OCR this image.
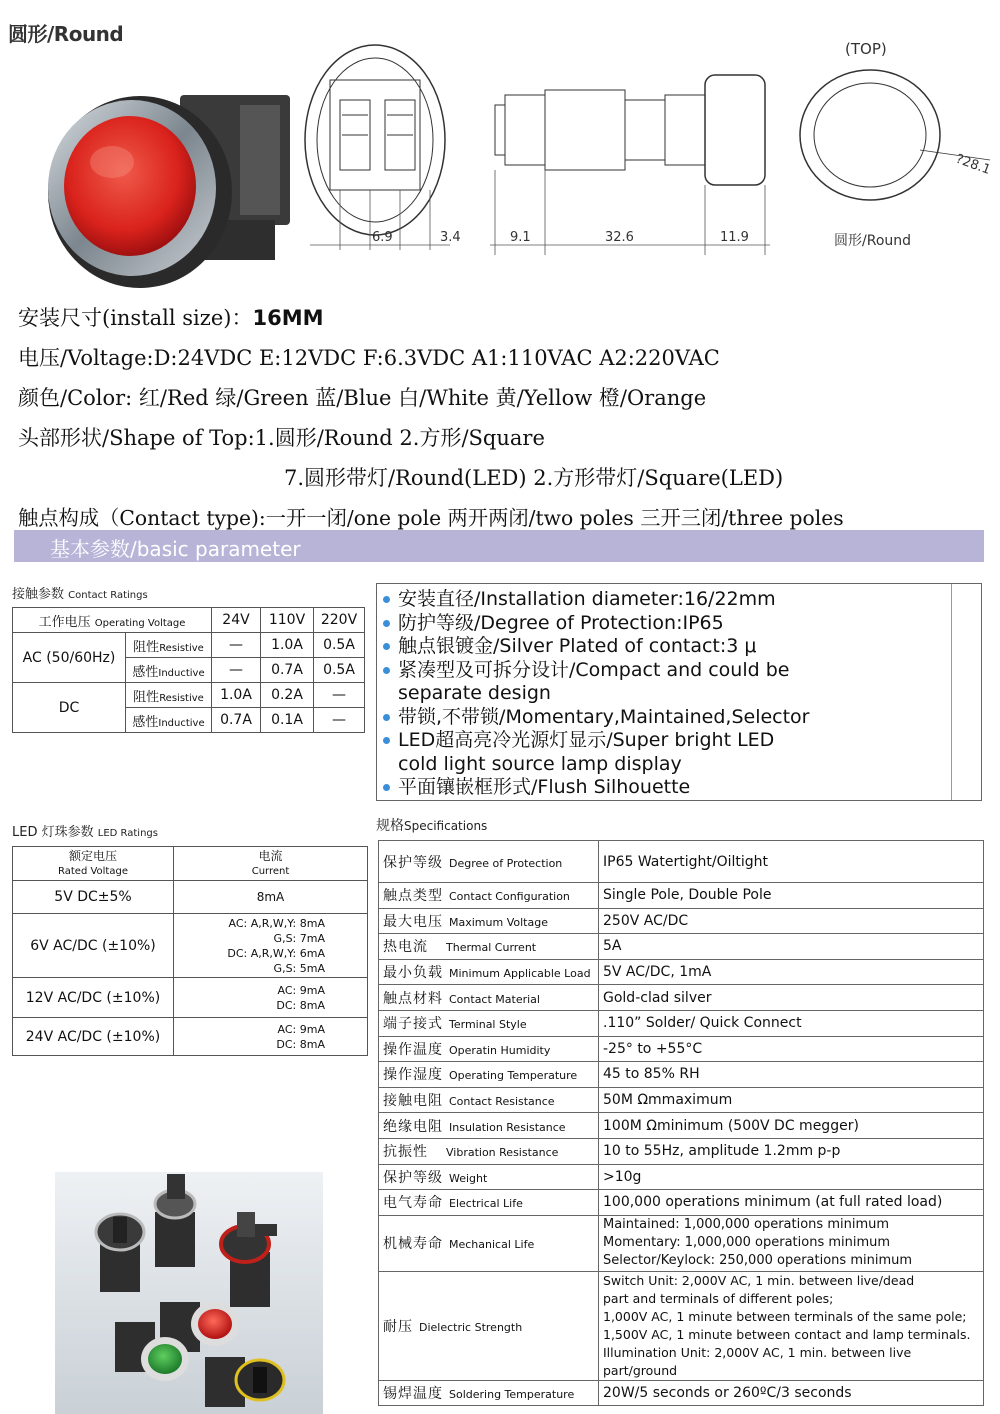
圆形/Round
6.9	3.4	9.1	32.6	11.9
(TOP)
?28.1
圆形/Round
安装尺寸(install size)：16MM
电压/Voltage:D:24VDC E:12VDC F:6.3VDC A1:110VAC A2:220VAC
颜色/Color: 红/Red 绿/Green 蓝/Blue 白/White 黄/Yellow 橙/Orange
头部形状/Shape of Top:1.圆形/Round 2.方形/Square
7.圆形带灯/Round(LED) 2.方形带灯/Square(LED)
触点构成（Contact type):一开一闭/one pole 两开两闭/two poles 三开三闭/three poles
基本参数/basic parameter
接触参数 Contact Ratings
工作电压 Operating Voltage		24V	110V	220V
AC (50/60Hz)	阻性Resistive	—	1.0A	0.5A
	感性Inductive	—	0.7A	0.5A
DC	阻性Resistive	1.0A	0.2A	—
	感性Inductive	0.7A	0.1A	—
LED 灯珠参数 LED Ratings
额定电压
Rated Voltage	电流
Current
5V DC±5%	8mA
6V AC/DC (±10%)	AC: A,R,W,Y: 8mA
G,S: 7mA
DC: A,R,W,Y: 6mA
G,S: 5mA

12V AC/DC (±10%)	AC: 9mA
DC: 8mA

24V AC/DC (±10%)	AC: 9mA
DC: 8mA
安装直径/Installation diameter:16/22mm
防护等级/Degree of Protection:IP65
触点银镀金/Silver Plated of contact:3 μ
紧凑型及可拆分设计/Compact and could be
separate design
带锁,不带锁/Momentary,Maintained,Selector
LED超高亮冷光源灯显示/Super bright LED
cold light source lamp display
平面镶嵌框形式/Flush Silhouette
规格Specifications
保护等级 Degree of Protection	IP65 Watertight/Oiltight
触点类型 Contact Configuration	Single Pole, Double Pole
最大电压 Maximum Voltage	250V AC/DC
热电流 Thermal Current	5A
最小负载 Minimum Applicable Load	5V AC/DC, 1mA
触点材料 Contact Material	Gold-clad silver
端子接式 Terminal Style	.110” Solder/ Quick Connect
操作温度 Operatin Humidity	-25° to +55°C
操作湿度 Operating Temperature	45 to 85% RH
接触电阻 Contact Resistance	50M Ωmmaximum
绝缘电阻 Insulation Resistance	100M Ωminimum (500V DC megger)
抗振性 Vibration Resistance	10 to 55Hz, amplitude 1.2mm p-p
保护等级 Weight	>10g
电气寿命 Electrical Life	100,000 operations minimum (at full rated load)
机械寿命 Mechanical Life	Maintained: 1,000,000 operations minimum
Momentary: 1,000,000 operations minimum
Selector/Keylock: 250,000 operations minimum

耐压 Dielectric Strength	Switch Unit: 2,000V AC, 1 min. between live/dead
part and terminals of different poles;
1,000V AC, 1 minute between terminals of the same pole;
1,500V AC, 1 minute between contact and lamp terminals.
Illumination Unit: 2,000V AC, 1 min. between live part/ground

锡焊温度 Soldering Temperature	20W/5 seconds or 260ºC/3 seconds
